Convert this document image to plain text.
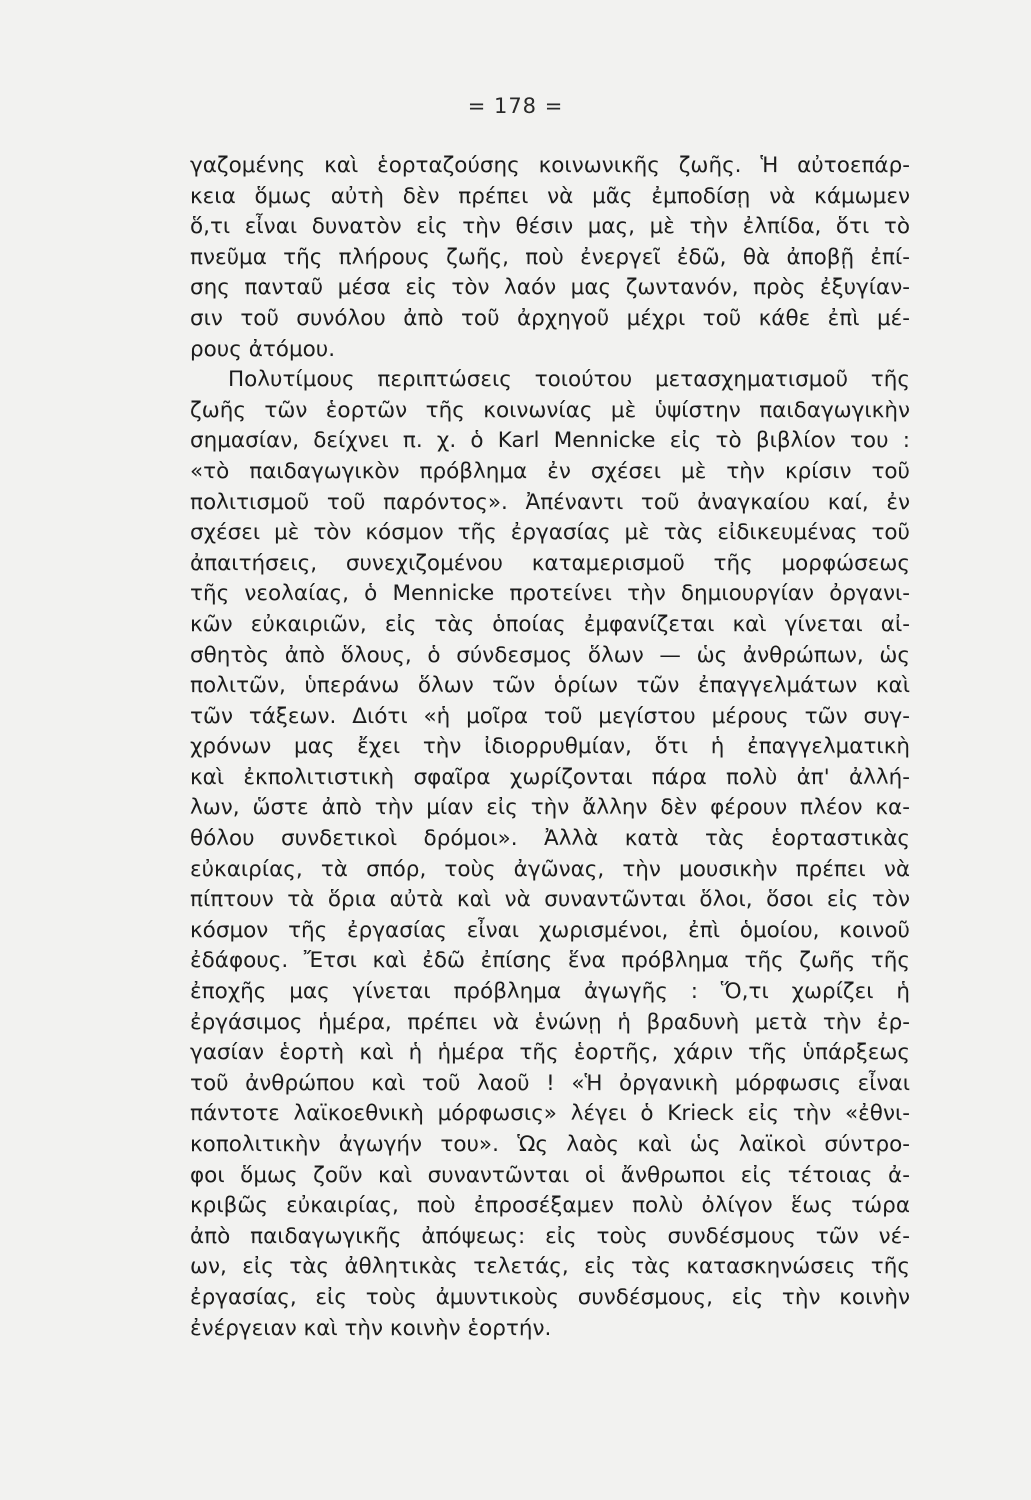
= 178 =
γαζομένης καὶ ἑορταζούσης κοινωνικῆς ζωῆς. Ἡ αὐτοεπάρ-
κεια ὅμως αὐτὴ δὲν πρέπει νὰ μᾶς ἐμποδίσῃ νὰ κάμωμεν
ὅ,τι εἶναι δυνατὸν εἰς τὴν θέσιν μας, μὲ τὴν ἐλπίδα, ὅτι τὸ
πνεῦμα τῆς πλήρους ζωῆς, ποὺ ἐνεργεῖ ἐδῶ, θὰ ἀποβῇ ἐπί-
σης πανταῦ μέσα εἰς τὸν λαόν μας ζωντανόν, πρὸς ἐξυγίαν-
σιν τοῦ συνόλου ἀπὸ τοῦ ἀρχηγοῦ μέχρι τοῦ κάθε ἐπὶ μέ-
ρους ἀτόμου.
Πολυτίμους περιπτώσεις τοιούτου μετασχηματισμοῦ τῆς
ζωῆς τῶν ἑορτῶν τῆς κοινωνίας μὲ ὑψίστην παιδαγωγικὴν
σημασίαν, δείχνει π. χ. ὁ Karl Mennicke εἰς τὸ βιβλίον του :
«τὸ παιδαγωγικὸν πρόβλημα ἐν σχέσει μὲ τὴν κρίσιν τοῦ
πολιτισμοῦ τοῦ παρόντος». Ἀπέναντι τοῦ ἀναγκαίου καί, ἐν
σχέσει μὲ τὸν κόσμον τῆς ἐργασίας μὲ τὰς εἰδικευμένας τοῦ
ἀπαιτήσεις, συνεχιζομένου καταμερισμοῦ τῆς μορφώσεως
τῆς νεολαίας, ὁ Mennicke προτείνει τὴν δημιουργίαν ὀργανι-
κῶν εὐκαιριῶν, εἰς τὰς ὁποίας ἐμφανίζεται καὶ γίνεται αἰ-
σθητὸς ἀπὸ ὅλους, ὁ σύνδεσμος ὅλων — ὡς ἀνθρώπων, ὡς
πολιτῶν, ὑπεράνω ὅλων τῶν ὁρίων τῶν ἐπαγγελμάτων καὶ
τῶν τάξεων. Διότι «ἡ μοῖρα τοῦ μεγίστου μέρους τῶν συγ-
χρόνων μας ἔχει τὴν ἰδιορρυθμίαν, ὅτι ἡ ἐπαγγελματικὴ
καὶ ἐκπολιτιστικὴ σφαῖρα χωρίζονται πάρα πολὺ ἀπ' ἀλλή-
λων, ὥστε ἀπὸ τὴν μίαν εἰς τὴν ἄλλην δὲν φέρουν πλέον κα-
θόλου συνδετικοὶ δρόμοι». Ἀλλὰ κατὰ τὰς ἑορταστικὰς
εὐκαιρίας, τὰ σπόρ, τοὺς ἀγῶνας, τὴν μουσικὴν πρέπει νὰ
πίπτουν τὰ ὅρια αὐτὰ καὶ νὰ συναντῶνται ὅλοι, ὅσοι εἰς τὸν
κόσμον τῆς ἐργασίας εἶναι χωρισμένοι, ἐπὶ ὁμοίου, κοινοῦ
ἐδάφους. Ἔτσι καὶ ἐδῶ ἐπίσης ἕνα πρόβλημα τῆς ζωῆς τῆς
ἐποχῆς μας γίνεται πρόβλημα ἀγωγῆς : Ὅ,τι χωρίζει ἡ
ἐργάσιμος ἡμέρα, πρέπει νὰ ἑνώνῃ ἡ βραδυνὴ μετὰ τὴν ἐρ-
γασίαν ἑορτὴ καὶ ἡ ἡμέρα τῆς ἑορτῆς, χάριν τῆς ὑπάρξεως
τοῦ ἀνθρώπου καὶ τοῦ λαοῦ ! «Ἡ ὀργανικὴ μόρφωσις εἶναι
πάντοτε λαϊκοεθνικὴ μόρφωσις» λέγει ὁ Krieck εἰς τὴν «ἐθνι-
κοπολιτικὴν ἀγωγήν του». Ὡς λαὸς καὶ ὡς λαϊκοὶ σύντρο-
φοι ὅμως ζοῦν καὶ συναντῶνται οἱ ἄνθρωποι εἰς τέτοιας ἀ-
κριβῶς εὐκαιρίας, ποὺ ἐπροσέξαμεν πολὺ ὀλίγον ἕως τώρα
ἀπὸ παιδαγωγικῆς ἀπόψεως: εἰς τοὺς συνδέσμους τῶν νέ-
ων, εἰς τὰς ἀθλητικὰς τελετάς, εἰς τὰς κατασκηνώσεις τῆς
ἐργασίας, εἰς τοὺς ἀμυντικοὺς συνδέσμους, εἰς τὴν κοινὴν
ἐνέργειαν καὶ τὴν κοινὴν ἑορτήν.
